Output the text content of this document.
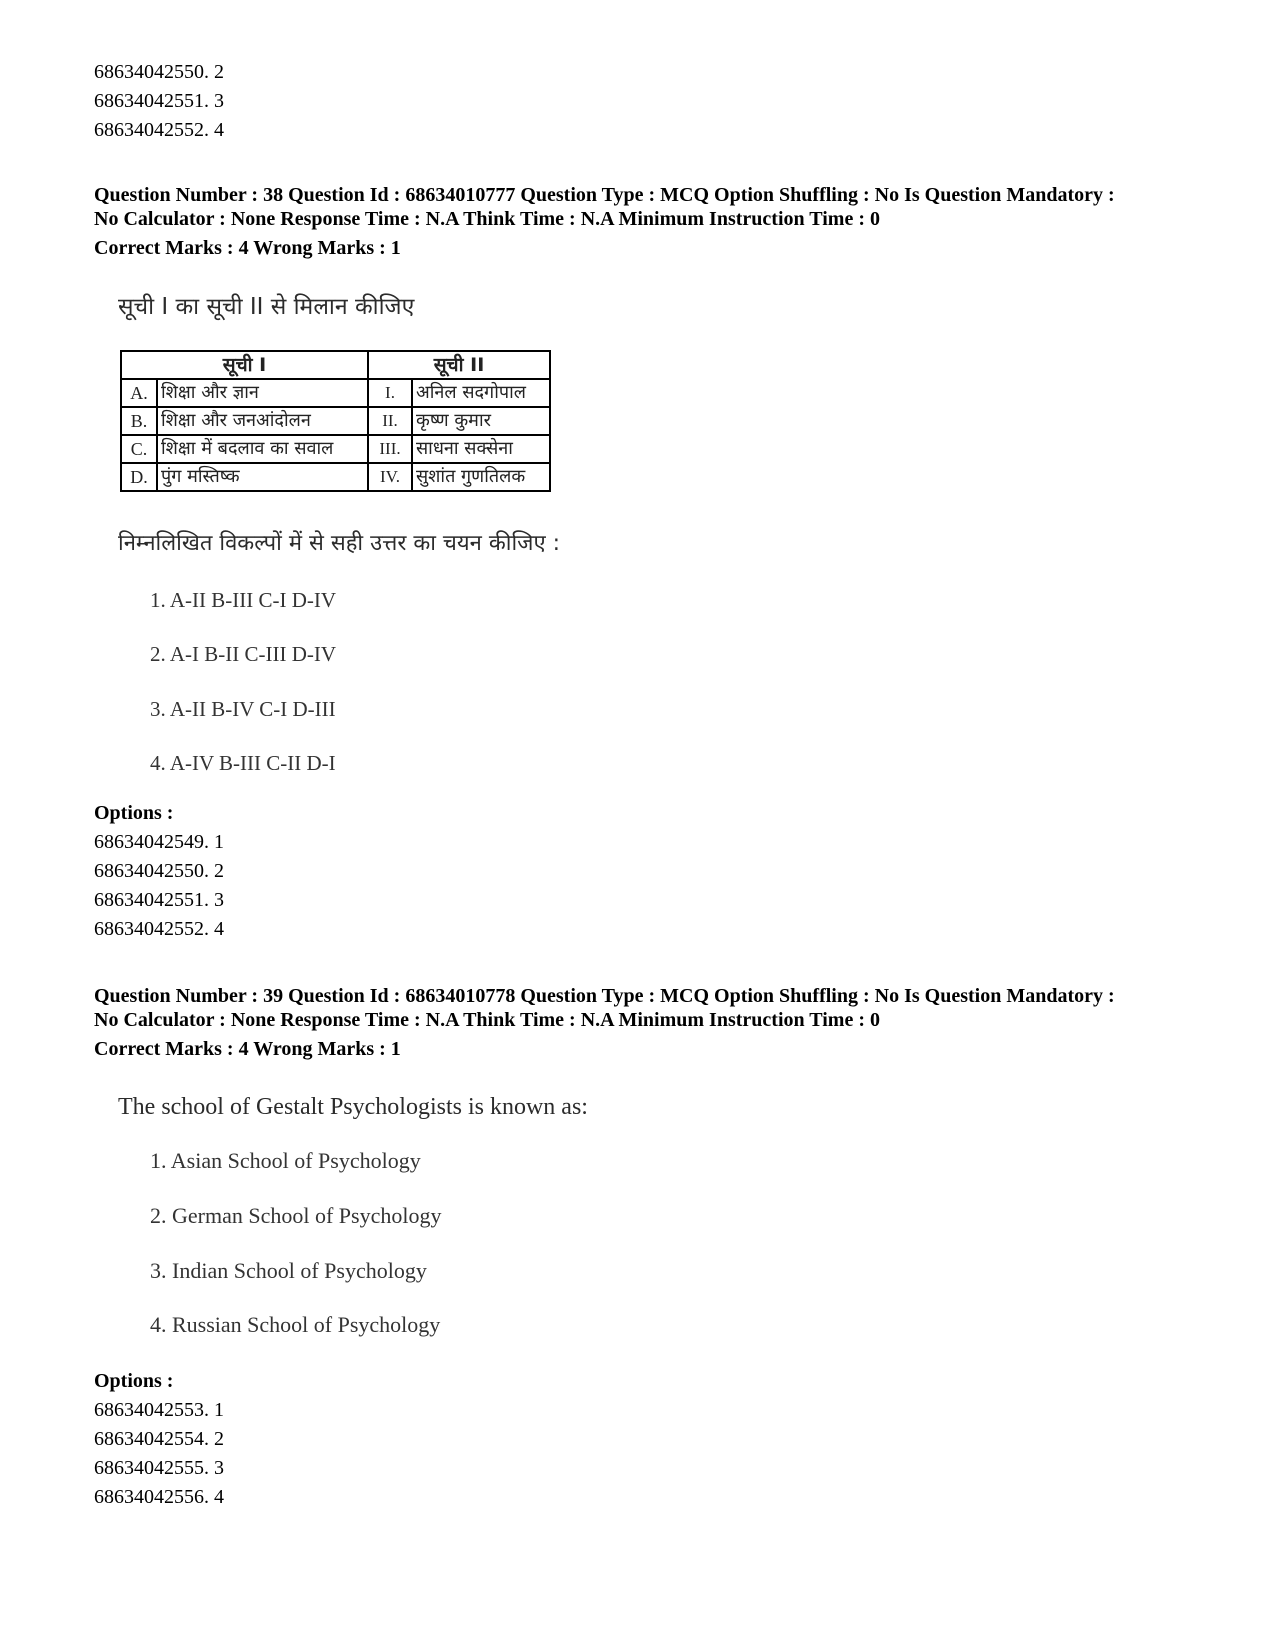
68634042550. 2
68634042551. 3
68634042552. 4
Question Number : 38 Question Id : 68634010777 Question Type : MCQ Option Shuffling : No Is Question Mandatory :
No Calculator : None Response Time : N.A Think Time : N.A Minimum Instruction Time : 0
Correct Marks : 4 Wrong Marks : 1
सूची I का सूची II से मिलान कीजिए
सूची I		सूची II	
A.	शिक्षा और ज्ञान	I.	अनिल सदगोपाल
B.	शिक्षा और जनआंदोलन	II.	कृष्ण कुमार
C.	शिक्षा में बदलाव का सवाल	III.	साधना सक्सेना
D.	पुंग मस्तिष्क	IV.	सुशांत गुणतिलक
निम्नलिखित विकल्पों में से सही उत्तर का चयन कीजिए :
1. A-II B-III C-I D-IV
2. A-I B-II C-III D-IV
3. A-II B-IV C-I D-III
4. A-IV B-III C-II D-I
Options :
68634042549. 1
68634042550. 2
68634042551. 3
68634042552. 4
Question Number : 39 Question Id : 68634010778 Question Type : MCQ Option Shuffling : No Is Question Mandatory :
No Calculator : None Response Time : N.A Think Time : N.A Minimum Instruction Time : 0
Correct Marks : 4 Wrong Marks : 1
The school of Gestalt Psychologists is known as:
1. Asian School of Psychology
2. German School of Psychology
3. Indian School of Psychology
4. Russian School of Psychology
Options :
68634042553. 1
68634042554. 2
68634042555. 3
68634042556. 4
